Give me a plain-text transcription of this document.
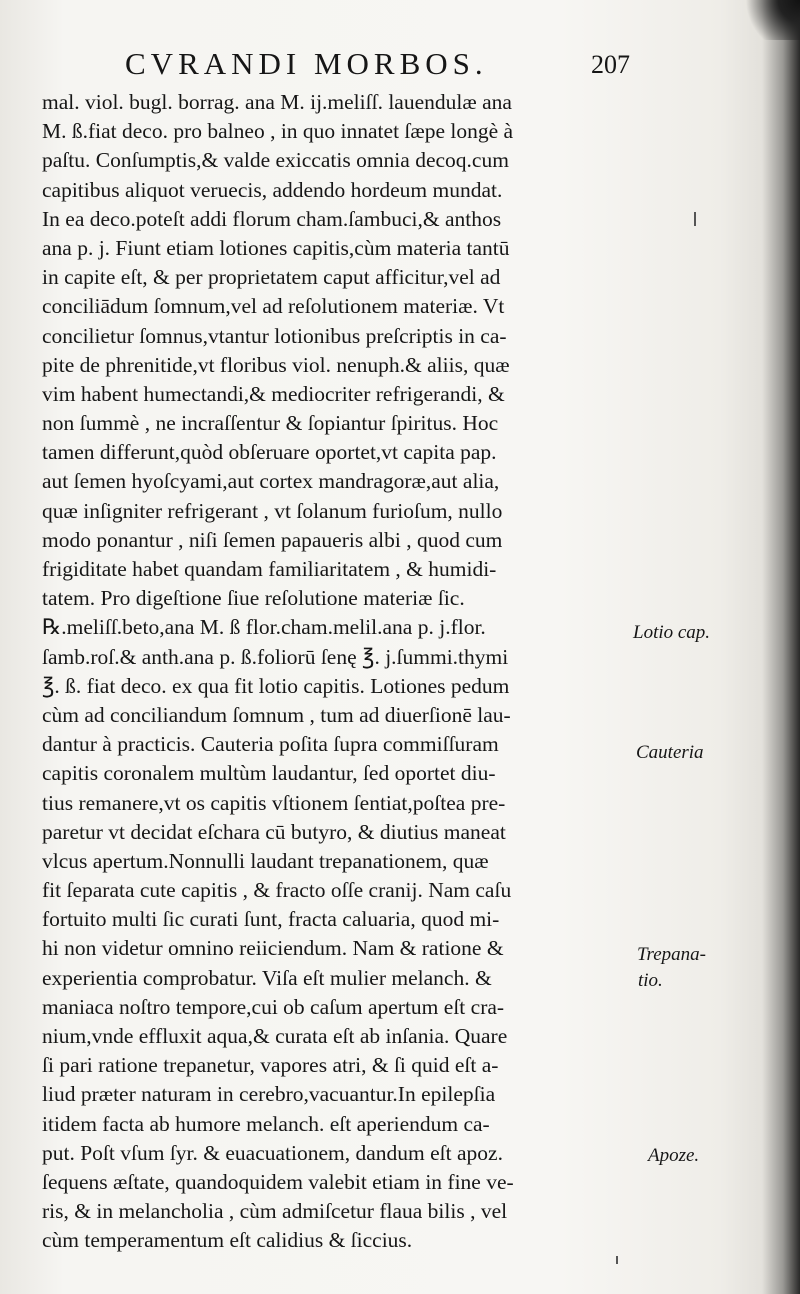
CVRANDI MORBOS.	207
mal. viol. bugl. borrag. ana M. ij.meliſſ. lauendulæ ana
M. ß.fiat deco. pro balneo , in quo innatet ſæpe longè à
paſtu. Conſumptis,& valde exiccatis omnia decoq.cum
capitibus aliquot veruecis, addendo hordeum mundat.
In ea deco.poteſt addi florum cham.ſambuci,& anthos
ana p. j. Fiunt etiam lotiones capitis,cùm materia tantū
in capite eſt, & per proprietatem caput afficitur,vel ad
conciliādum ſomnum,vel ad reſolutionem materiæ. Vt
concilietur ſomnus,vtantur lotionibus preſcriptis in ca-
pite de phrenitide,vt floribus viol. nenuph.& aliis, quæ
vim habent humectandi,& mediocriter refrigerandi, &
non ſummè , ne incraſſentur & ſopiantur ſpiritus. Hoc
tamen differunt,quòd obſeruare oportet,vt capita pap.
aut ſemen hyoſcyami,aut cortex mandragoræ,aut alia,
quæ inſigniter refrigerant , vt ſolanum furioſum, nullo
modo ponantur , niſi ſemen papaueris albi , quod cum
frigiditate habet quandam familiaritatem , & humidi-
tatem. Pro digeſtione ſiue reſolutione materiæ ſic.
℞.meliſſ.beto,ana M. ß flor.cham.melil.ana p. j.flor.
ſamb.roſ.& anth.ana p. ß.foliorū ſenę ℥. j.ſummi.thymi
℥. ß. fiat deco. ex qua fit lotio capitis. Lotiones pedum
cùm ad conciliandum ſomnum , tum ad diuerſionē lau-
dantur à practicis. Cauteria poſita ſupra commiſſuram
capitis coronalem multùm laudantur, ſed oportet diu-
tius remanere,vt os capitis vſtionem ſentiat,poſtea pre-
paretur vt decidat eſchara cū butyro, & diutius maneat
vlcus apertum.Nonnulli laudant trepanationem, quæ
fit ſeparata cute capitis , & fracto oſſe cranij. Nam caſu
fortuito multi ſic curati ſunt, fracta caluaria, quod mi-
hi non videtur omnino reiiciendum. Nam & ratione &
experientia comprobatur. Viſa eſt mulier melanch. &
maniaca noſtro tempore,cui ob caſum apertum eſt cra-
nium,vnde effluxit aqua,& curata eſt ab inſania. Quare
ſi pari ratione trepanetur, vapores atri, & ſi quid eſt a-
liud præter naturam in cerebro,vacuantur.In epilepſia
itidem facta ab humore melanch. eſt aperiendum ca-
put. Poſt vſum ſyr. & euacuationem, dandum eſt apoz.
ſequens æſtate, quandoquidem valebit etiam in fine ve-
ris, & in melancholia , cùm admiſcetur flaua bilis , vel
cùm temperamentum eſt calidius & ſiccius.
Lotio cap.
Cauteria
Trepana-
tio.
Apoze.
